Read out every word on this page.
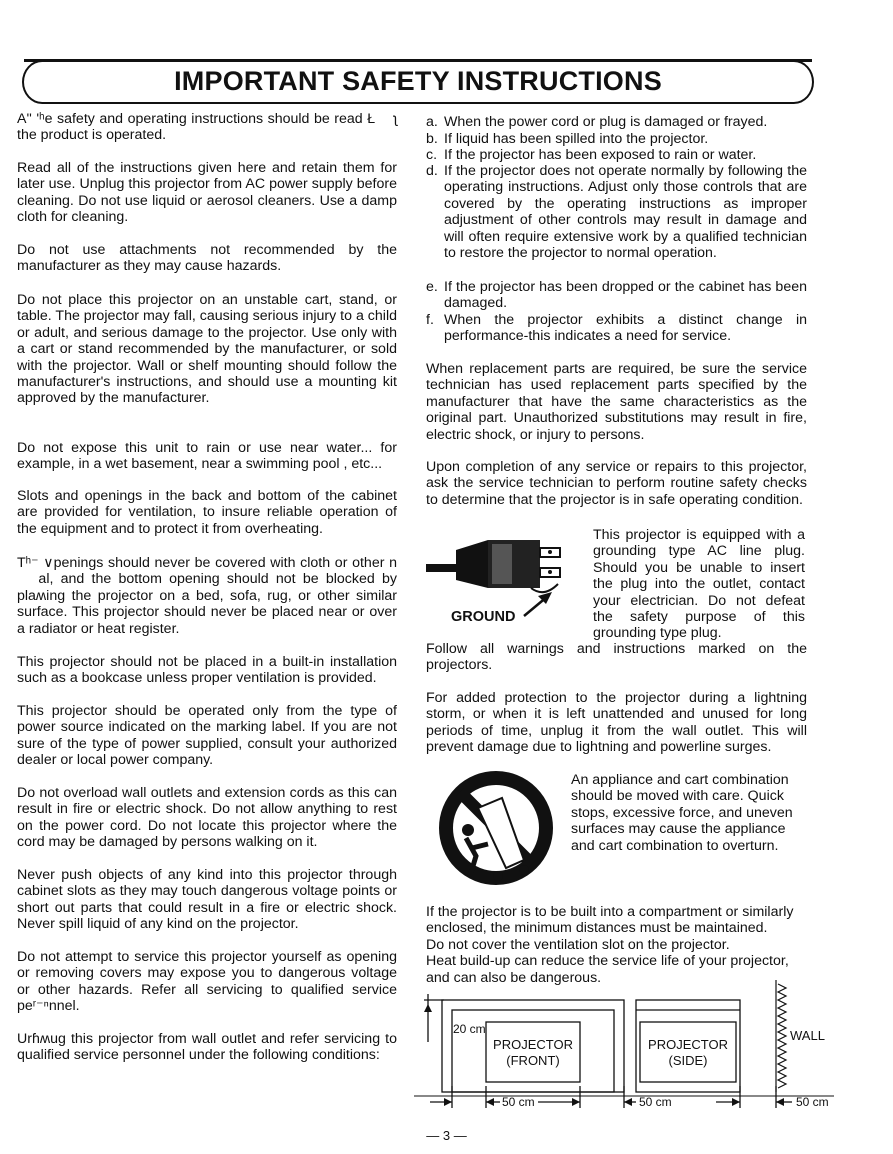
IMPORTANT SAFETY INSTRUCTIONS

A'' 'ʰe safety and operating instructions should be read Ł  ʅ the product is operated.

Read all of the instructions given here and retain them for later use. Unplug this projector from AC power supply before cleaning. Do not use liquid or aerosol cleaners. Use a damp cloth for cleaning.

Do not use attachments not recommended by the manufacturer as they may cause hazards.

Do not place this projector on an unstable cart, stand, or table. The projector may fall, causing serious injury to a child or adult, and serious damage to the projector. Use only with a cart or stand recommended by the manufacturer, or sold with the projector. Wall or shelf mounting should follow the manufacturer's instructions, and should use a mounting kit approved by the manufacturer.

Do not expose this unit to rain or use near water... for example, in a wet basement, near a swimming pool , etc...

Slots and openings in the back and bottom of the cabinet are provided for ventilation, to insure reliable operation of the equipment and to protect it from overheating.

Tʰ⁻ ∨penings should never be covered with cloth or other n   al, and the bottom opening should not be blocked by plaʍing the projector on a bed, sofa, rug, or other similar surface. This projector should never be placed near or over a radiator or heat register.

This projector should not be placed in a built-in installation such as a bookcase unless proper ventilation is provided.

This projector should be operated only from the type of power source indicated on the marking label. If you are not sure of the type of power supplied, consult your authorized dealer or local power company.

Do not overload wall outlets and extension cords as this can result in fire or electric shock. Do not allow anything to rest on the power cord. Do not locate this projector where the cord may be damaged by persons walking on it.

Never push objects of any kind into this projector through cabinet slots as they may touch dangerous voltage points or short out parts that could result in a fire or electric shock. Never spill liquid of any kind on the projector.

Do not attempt to service this projector yourself as opening or removing covers may expose you to dangerous voltage or other hazards. Refer all servicing to qualified service peʳ⁻ⁿnnel.

Urɦʍug this projector from wall outlet and refer servicing to qualified service personnel under the following conditions:

a. When the power cord or plug is damaged or frayed.
b. If liquid has been spilled into the projector.
c. If the projector has been exposed to rain or water.
d. If the projector does not operate normally by following the operating instructions. Adjust only those controls that are covered by the operating instructions as improper adjustment of other controls may result in damage and will often require extensive work by a qualified technician to restore the projector to normal operation.
e. If the projector has been dropped or the cabinet has been damaged.
f. When the projector exhibits a distinct change in performance-this indicates a need for service.

When replacement parts are required, be sure the service technician has used replacement parts specified by the manufacturer that have the same characteristics as the original part. Unauthorized substitutions may result in fire, electric shock, or injury to persons.

Upon completion of any service or repairs to this projector, ask the service technician to perform routine safety checks to determine that the projector is in safe operating condition.

GROUND
This projector is equipped with a grounding type AC line plug. Should you be unable to insert the plug into the outlet, contact your electrician. Do not defeat the safety purpose of this grounding type plug.

Follow all warnings and instructions marked on the projectors.

For added protection to the projector during a lightning storm, or when it is left unattended and unused for long periods of time, unplug it from the wall outlet. This will prevent damage due to lightning and powerline surges.

An appliance and cart combination should be moved with care. Quick stops, excessive force, and uneven surfaces may cause the appliance and cart combination to overturn.

If the projector is to be built into a compartment or similarly enclosed, the minimum distances must be maintained.

Do not cover the ventilation slot on the projector.

Heat build-up can reduce the service life of your projector, and can also be dangerous.

20 cm
PROJECTOR
(FRONT)
PROJECTOR
(SIDE)
WALL
50 cm	50 cm	50 cm
— 3 —
